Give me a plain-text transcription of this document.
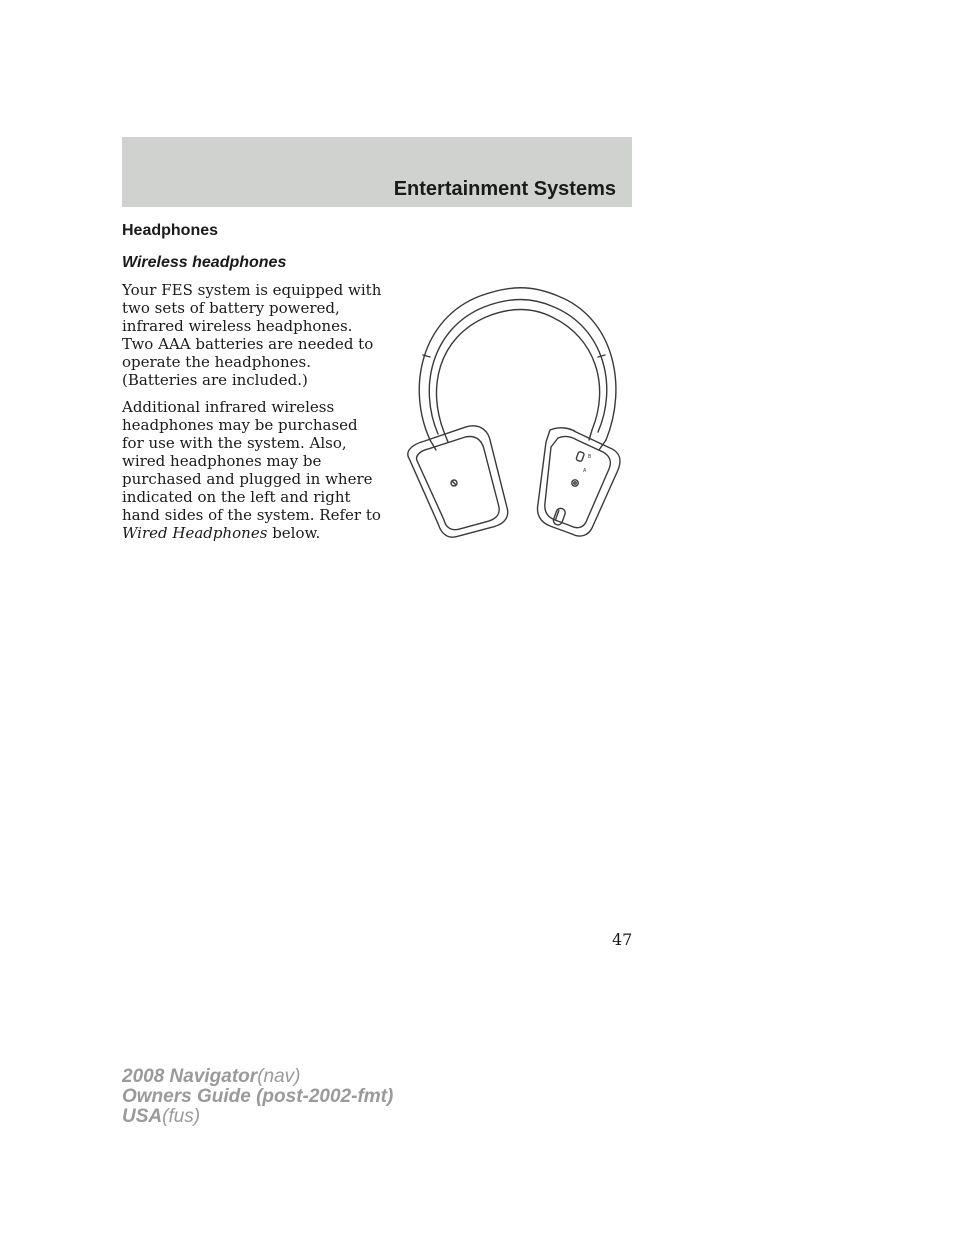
Entertainment Systems
Headphones
Wireless headphones

Your FES system is equipped with two sets of battery powered, infrared wireless headphones. Two AAA batteries are needed to operate the headphones. (Batteries are included.)

Additional infrared wireless headphones may be purchased for use with the system. Also, wired headphones may be purchased and plugged in where indicated on the left and right hand sides of the system. Refer to Wired Headphones below.

B
A
47
2008 Navigator(nav)
Owners Guide (post-2002-fmt)
USA(fus)
